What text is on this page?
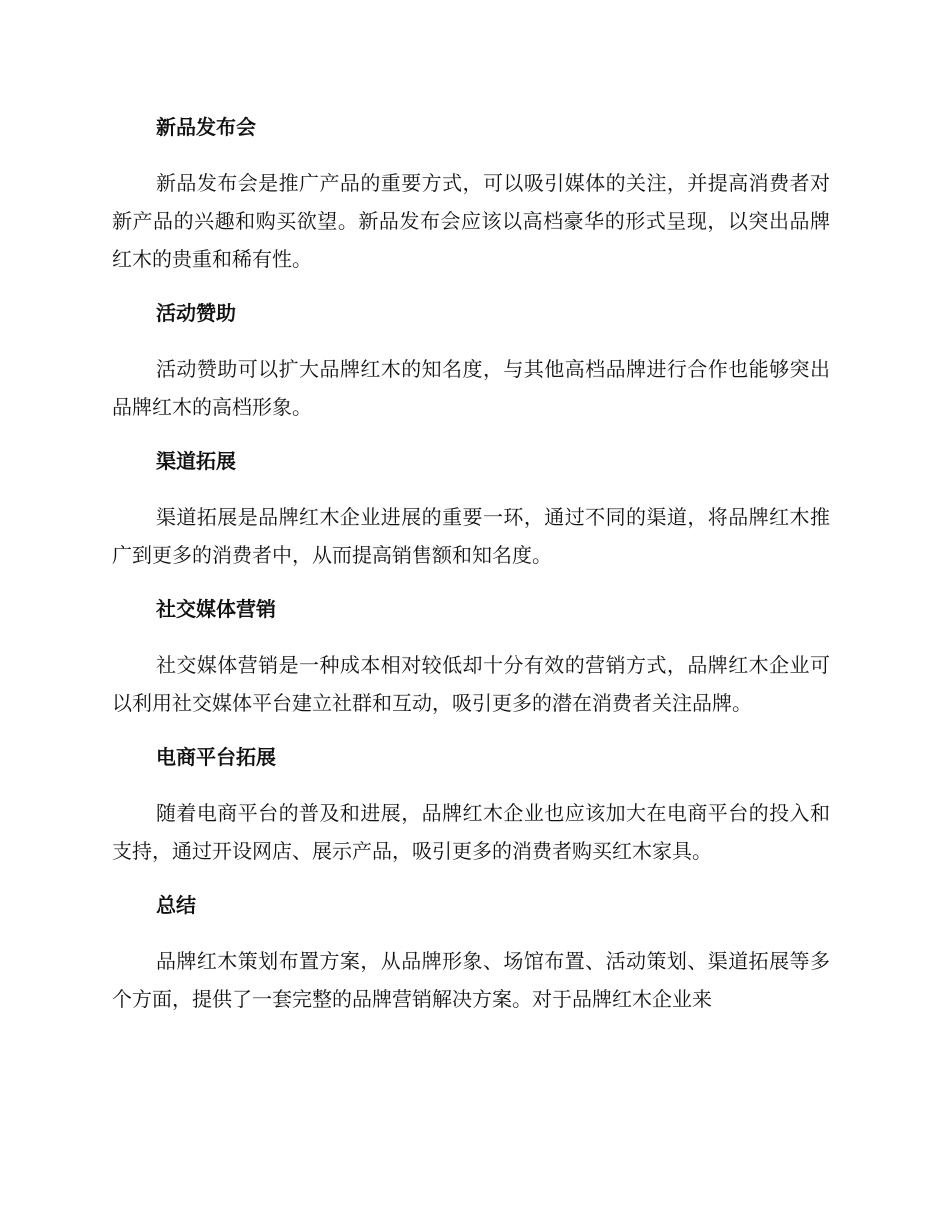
新品发布会

新品发布会是推广产品的重要方式，可以吸引媒体的关注，并提高消费者对新产品的兴趣和购买欲望。新品发布会应该以高档豪华的形式呈现，以突出品牌红木的贵重和稀有性。

活动赞助

活动赞助可以扩大品牌红木的知名度，与其他高档品牌进行合作也能够突出品牌红木的高档形象。

渠道拓展

渠道拓展是品牌红木企业进展的重要一环，通过不同的渠道，将品牌红木推广到更多的消费者中，从而提高销售额和知名度。

社交媒体营销

社交媒体营销是一种成本相对较低却十分有效的营销方式，品牌红木企业可以利用社交媒体平台建立社群和互动，吸引更多的潜在消费者关注品牌。

电商平台拓展

随着电商平台的普及和进展，品牌红木企业也应该加大在电商平台的投入和支持，通过开设网店、展示产品，吸引更多的消费者购买红木家具。

总结

品牌红木策划布置方案，从品牌形象、场馆布置、活动策划、渠道拓展等多个方面，提供了一套完整的品牌营销解决方案。对于品牌红木企业来
